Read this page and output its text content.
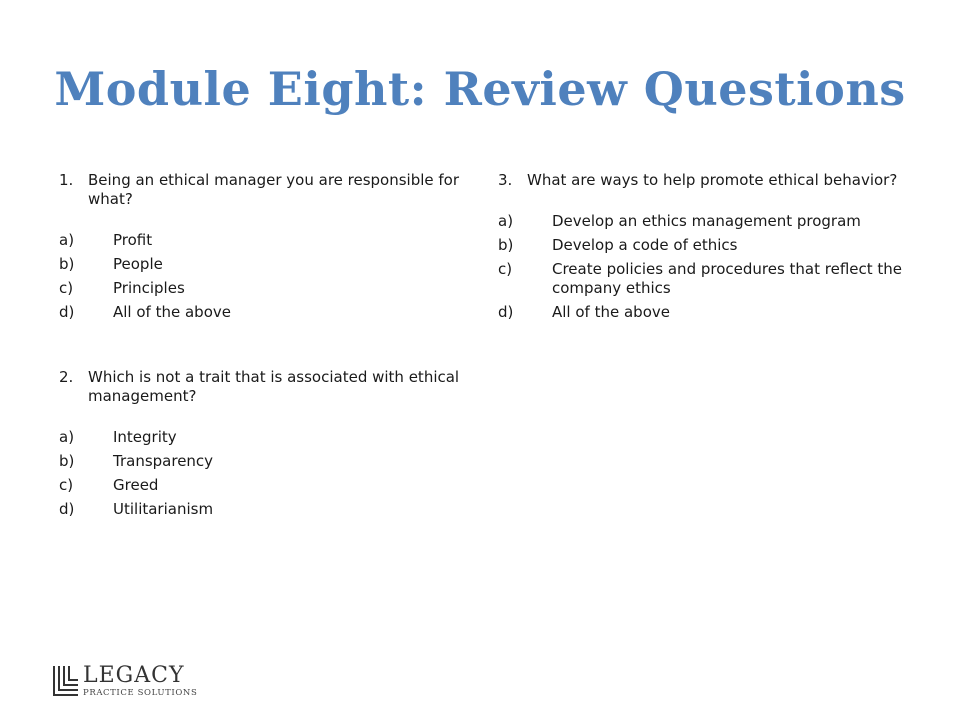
Module Eight: Review Questions

1. Being an ethical manager you are responsible for what?

a)	Profit
b)	People
c)	Principles
d)	All of the above

2. Which is not a trait that is associated with ethical management?

a)	Integrity
b)	Transparency
c)	Greed
d)	Utilitarianism

3. What are ways to help promote ethical behavior?

a)	Develop an ethics management program
b)	Develop a code of ethics
c)	Create policies and procedures that reflect the company ethics
d)	All of the above
LEGACY
PRACTICE SOLUTIONS
